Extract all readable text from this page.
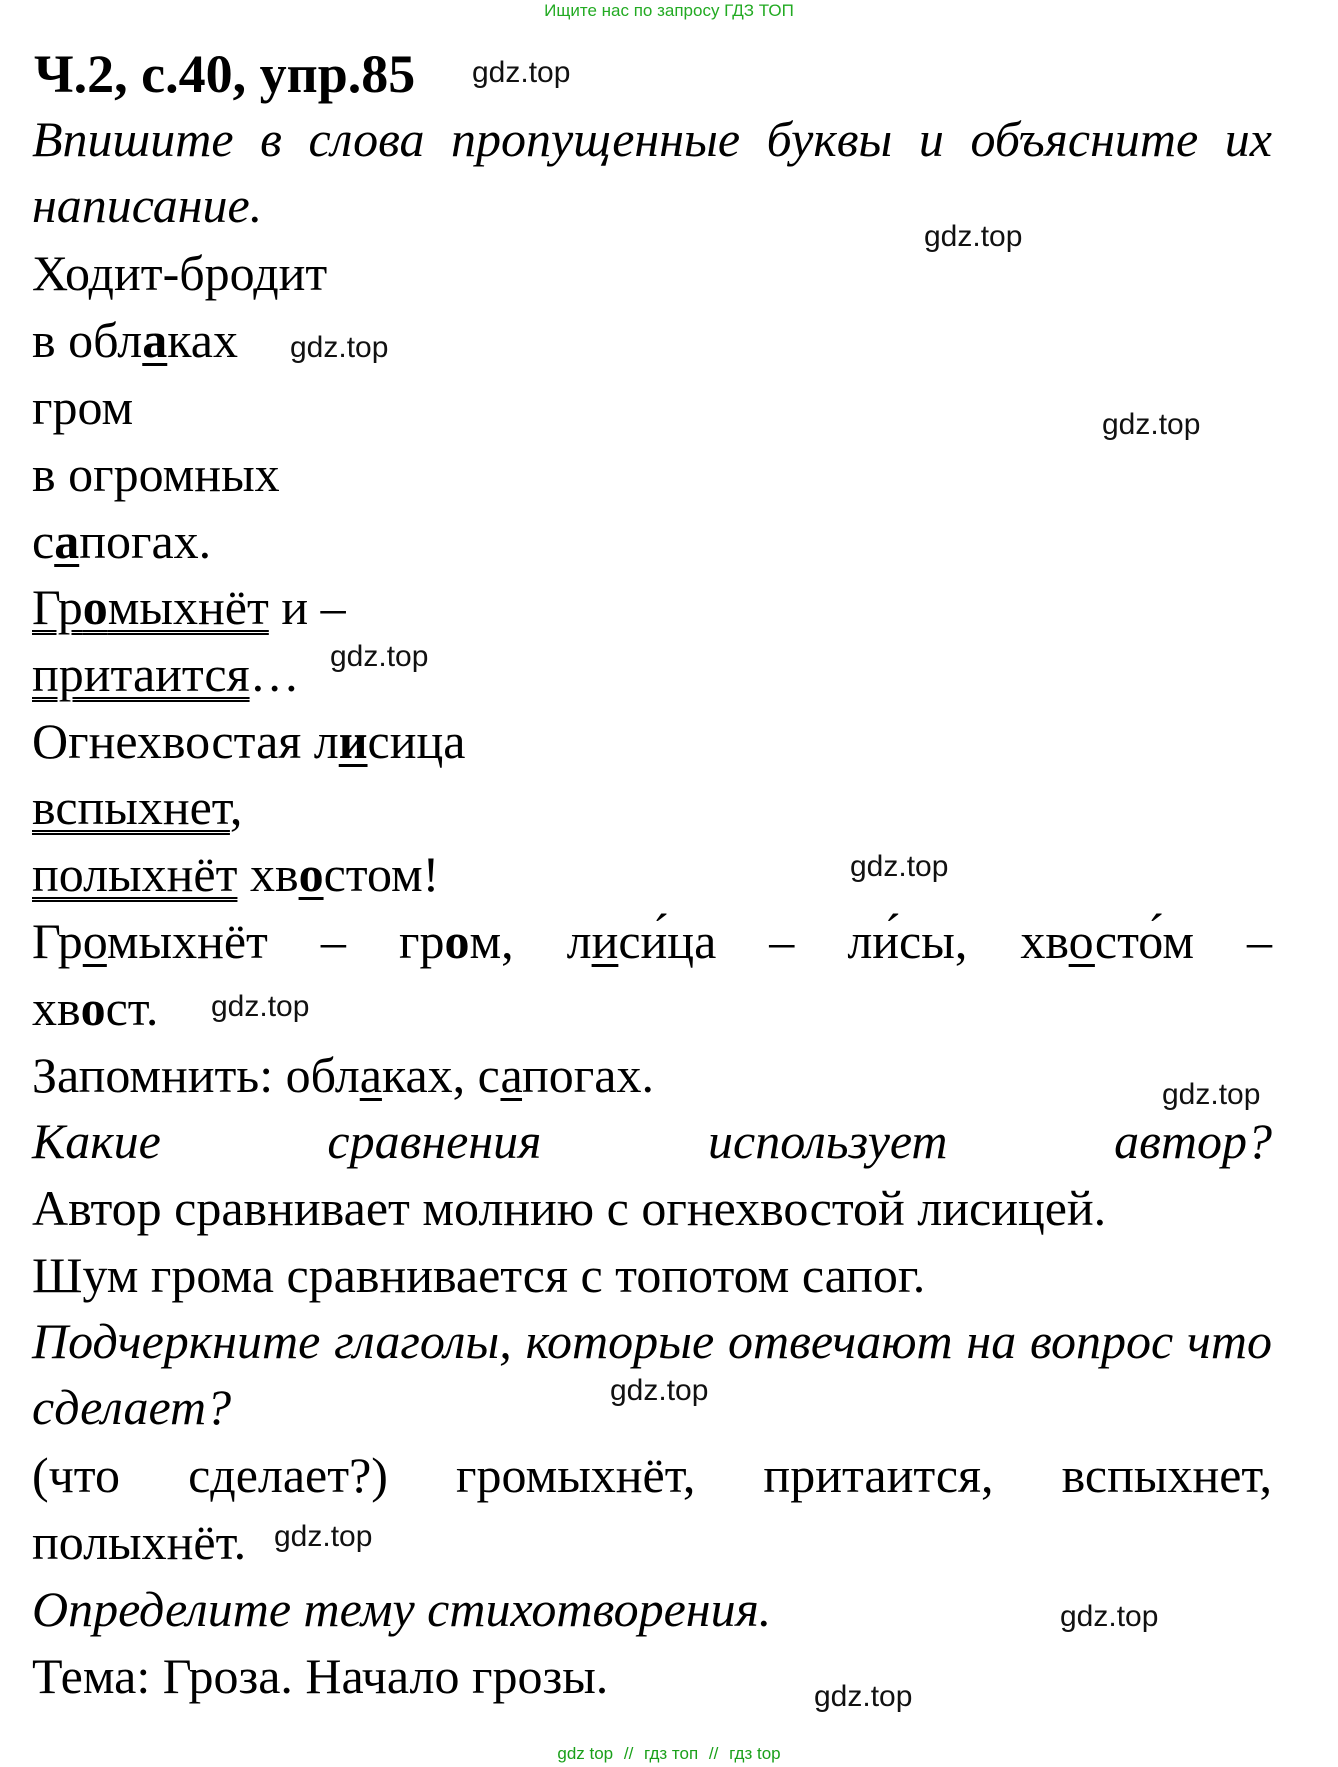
Ищите нас по запросу ГДЗ ТОП
Ч.2, с.40, упр.85 gdz.top
gdz.top
gdz.top
gdz.top
gdz.top
gdz.top
gdz.top
gdz.top
gdz.top
gdz.top
gdz.top
gdz.top
Впишите в слова пропущенные буквы и объясните их написание.
Ходит-бродит
в облаках
гром
в огромных
сапогах.
Громыхнёт и –
притаится…
Огнехвостая лисица
вспыхнет,
полыхнёт хвостом!
Громыхнёт – гром, лиси́ца – ли́сы, хвосто́м –
хвост.
Запомнить: облаках, сапогах.
Какие сравнения использует автор?
Автор сравнивает молнию с огнехвостой лисицей.
Шум грома сравнивается с топотом сапог.
Подчеркните глаголы, которые отвечают на вопрос что сделает?
(что сделает?) громыхнёт, притаится, вспыхнет,
полыхнёт.
Определите тему стихотворения.
Тема: Гроза. Начало грозы.
gdz top // гдз топ // гдз top
